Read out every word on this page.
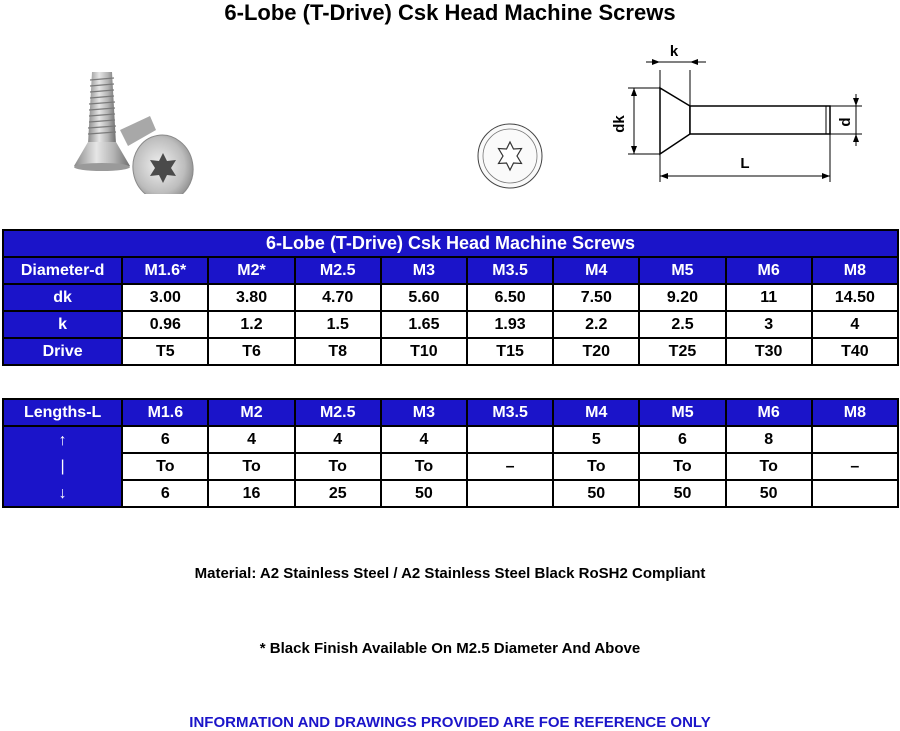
6-Lobe (T-Drive) Csk Head Machine Screws
k
dk	d
L
6-Lobe (T-Drive) Csk Head Machine Screws									
Diameter-d	M1.6*	M2*	M2.5	M3	M3.5	M4	M5	M6	M8
dk	3.00	3.80	4.70	5.60	6.50	7.50	9.20	11	14.50
k	0.96	1.2	1.5	1.65	1.93	2.2	2.5	3	4
Drive	T5	T6	T8	T10	T15	T20	T25	T30	T40
Lengths-L	M1.6	M2	M2.5	M3	M3.5	M4	M5	M6	M8
↑	6	4	4	4		5	6	8	
|	To	To	To	To	–	To	To	To	–
↓	6	16	25	50		50	50	50	
Material: A2 Stainless Steel / A2 Stainless Steel Black RoSH2 Compliant
* Black Finish Available On M2.5 Diameter And Above
INFORMATION AND DRAWINGS PROVIDED ARE FOE REFERENCE ONLY
